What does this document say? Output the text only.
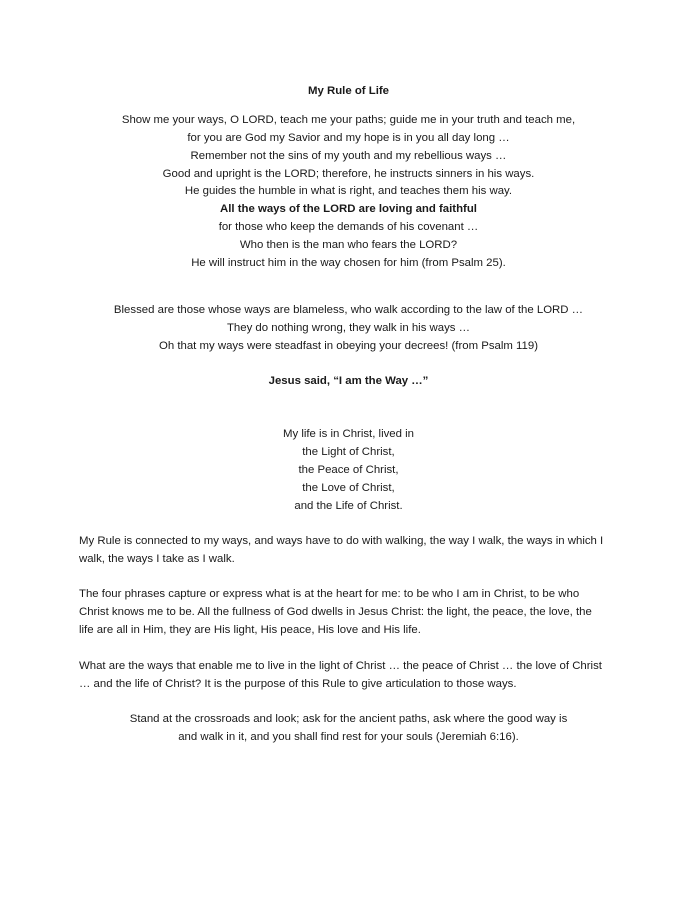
My Rule of Life
Show me your ways, O LORD, teach me your paths; guide me in your truth and teach me,
for you are God my Savior and my hope is in you all day long …
Remember not the sins of my youth and my rebellious ways …
Good and upright is the LORD; therefore, he instructs sinners in his ways.
He guides the humble in what is right, and teaches them his way.
All the ways of the LORD are loving and faithful
for those who keep the demands of his covenant …
Who then is the man who fears the LORD?
He will instruct him in the way chosen for him (from Psalm 25).
Blessed are those whose ways are blameless, who walk according to the law of the LORD …
They do nothing wrong, they walk in his ways …
Oh that my ways were steadfast in obeying your decrees! (from Psalm 119)
Jesus said, “I am the Way …”
My life is in Christ, lived in
the Light of Christ,
the Peace of Christ,
the Love of Christ,
and the Life of Christ.
My Rule is connected to my ways, and ways have to do with walking, the way I walk, the ways in which I
walk, the ways I take as I walk.
The four phrases capture or express what is at the heart for me: to be who I am in Christ, to be who
Christ knows me to be. All the fullness of God dwells in Jesus Christ: the light, the peace, the love, the
life are all in Him, they are His light, His peace, His love and His life.
What are the ways that enable me to live in the light of Christ … the peace of Christ … the love of Christ
… and the life of Christ? It is the purpose of this Rule to give articulation to those ways.
Stand at the crossroads and look; ask for the ancient paths, ask where the good way is
and walk in it, and you shall find rest for your souls (Jeremiah 6:16).
